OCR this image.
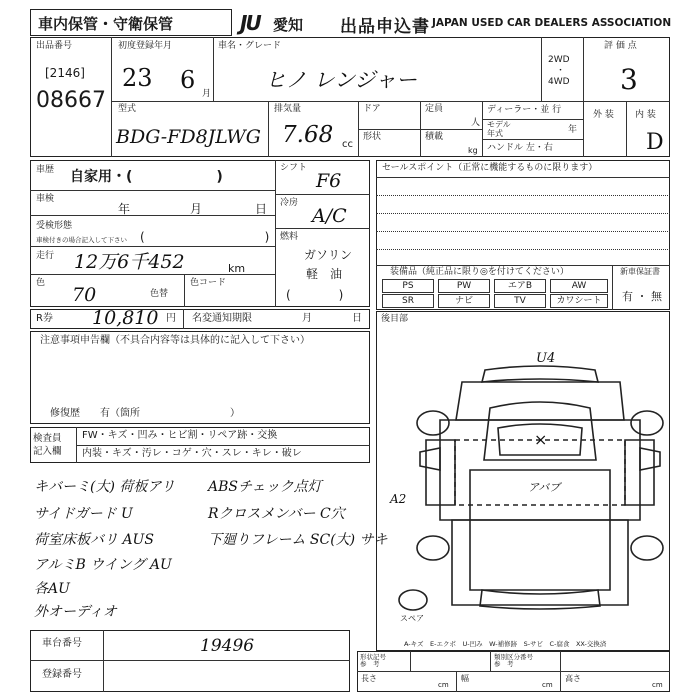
車内保管・守衛保管	JU 愛知 出品申込書 JAPAN USED CAR DEALERS ASSOCIATION
出品番号
[2146]
08667
初度登録年月
23 6 月
車名・グレード
ヒノ レンジャー
2WD
・
4WD
評 価 点
3
型式
BDG-FD8JLWG
排気量
7.68 cc
ドア	定員
人
形状	積載
kg
ディーラー・並 行
モデル
年式	年
ハンドル 左・右
外 装 内 装
D
車歴 自家用・(　　　　　　)
車検
年	月	日
受検形態
車検付きの場合記入して下さい (　　　　　　　　　　)
走行 12万6千452	km
色
70	色替
色コード
シフト
F6
冷房
A/C
燃料
ガソリン
軽　油
(　　　　)
セールスポイント（正常に機能するものに限ります）
装備品（純正品に限り◎を付けてください）
PS	PW	エアB	AW
SR	ナビ	TV	カワシート
新車保証書
有 ・ 無
R券 10,810 円 名変通知期限	月	日 後目部
注意事項申告欄（不具合内容等は具体的に記入して下さい）
修復歴　　有（箇所　　　　　　　　　）
検査員
記入欄
FW・キズ・凹み・ヒビ割・リペア跡・交換
内装・キズ・汚レ・コゲ・穴・スレ・キレ・破レ
キバーミ(大) 荷板アリ
サイドガード U
荷室床板バリ AUS
アルミB ウイング AU
各AU
外オーディオ
ABSチェック点灯
Rクロスメンバー C穴
下廻りフレーム SC(大) サキ
U4
×
アバブ
A2
スペア
A-キズ　E-エクボ　U-凹み　W-補修跡　S-サビ　C-腐食　XX-交換済
車台番号	19496
登録番号
形状記号
参　考
類別区分番号
参　考
長さ	幅	高さ
cm	cm	cm
